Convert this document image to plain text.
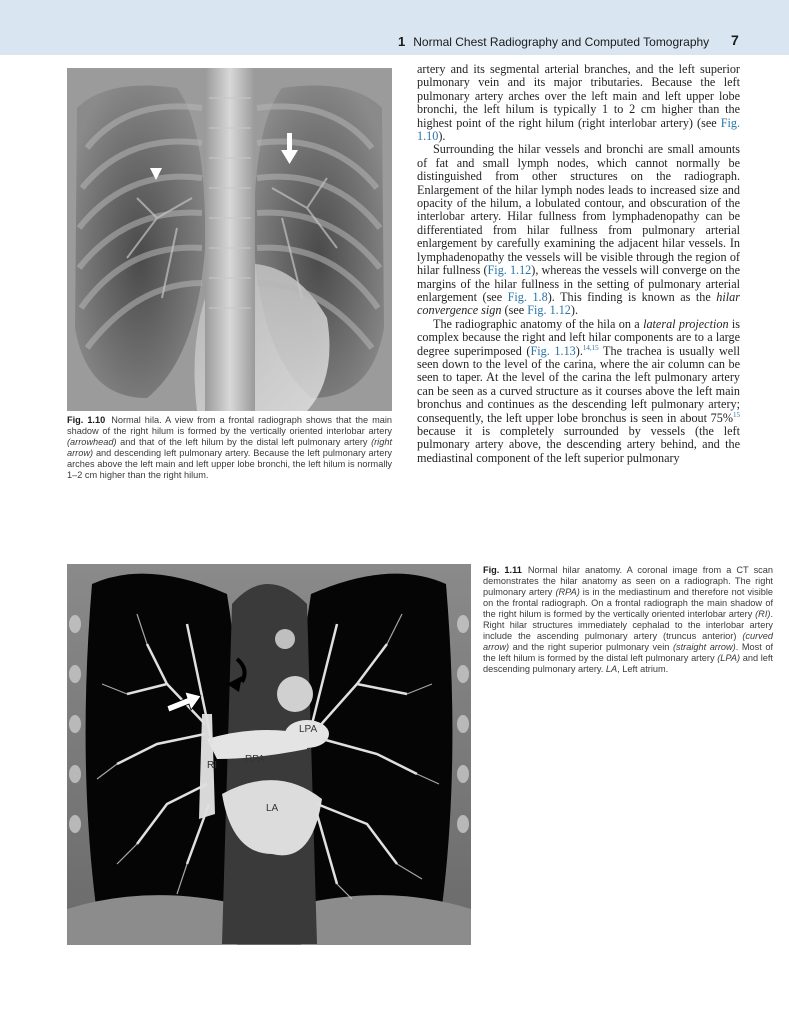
1 Normal Chest Radiography and Computed Tomography 7
Fig. 1.10 Normal hila. A view from a frontal radiograph shows that the main shadow of the right hilum is formed by the vertically oriented interlobar artery (arrowhead) and that of the left hilum by the distal left pulmonary artery (right arrow) and descending left pulmonary artery. Because the left pulmonary artery arches above the left main and left upper lobe bronchi, the left hilum is normally 1–2 cm higher than the right hilum.

artery and its segmental arterial branches, and the left superior pulmonary vein and its major tributaries. Because the left pulmonary artery arches over the left main and left upper lobe bronchi, the left hilum is typically 1 to 2 cm higher than the highest point of the right hilum (right interlobar artery) (see Fig. 1.10).

Surrounding the hilar vessels and bronchi are small amounts of fat and small lymph nodes, which cannot normally be distinguished from other structures on the radiograph. Enlargement of the hilar lymph nodes leads to increased size and opacity of the hilum, a lobulated contour, and obscuration of the interlobar artery. Hilar fullness from lymphadenopathy can be differentiated from hilar fullness from pulmonary arterial enlargement by carefully examining the adjacent hilar vessels. In lymphadenopathy the vessels will be visible through the region of hilar fullness (Fig. 1.12), whereas the vessels will converge on the margins of the hilar fullness in the setting of pulmonary arterial enlargement (see Fig. 1.8). This finding is known as the hilar convergence sign (see Fig. 1.12).

The radiographic anatomy of the hila on a lateral projection is complex because the right and left hilar components are to a large degree superimposed (Fig. 1.13).$^{14,15}$ The trachea is usually well seen down to the level of the carina, where the air column can be seen to taper. At the level of the carina the left pulmonary artery can be seen as a curved structure as it courses above the left main bronchus and continues as the descending left pulmonary artery; consequently, the left upper lobe bronchus is seen in about 75%$^{15}$ because it is completely surrounded by vessels (the left pulmonary artery above, the descending artery behind, and the mediastinal component of the left superior pulmonary

RI
RPA
LPA
LA
Fig. 1.11 Normal hilar anatomy. A coronal image from a CT scan demonstrates the hilar anatomy as seen on a radiograph. The right pulmonary artery (RPA) is in the mediastinum and therefore not visible on the frontal radiograph. On a frontal radiograph the main shadow of the right hilum is formed by the vertically oriented interlobar artery (RI). Right hilar structures immediately cephalad to the interlobar artery include the ascending pulmonary artery (truncus anterior) (curved arrow) and the right superior pulmonary vein (straight arrow). Most of the left hilum is formed by the distal left pulmonary artery (LPA) and left descending pulmonary artery. LA, Left atrium.
